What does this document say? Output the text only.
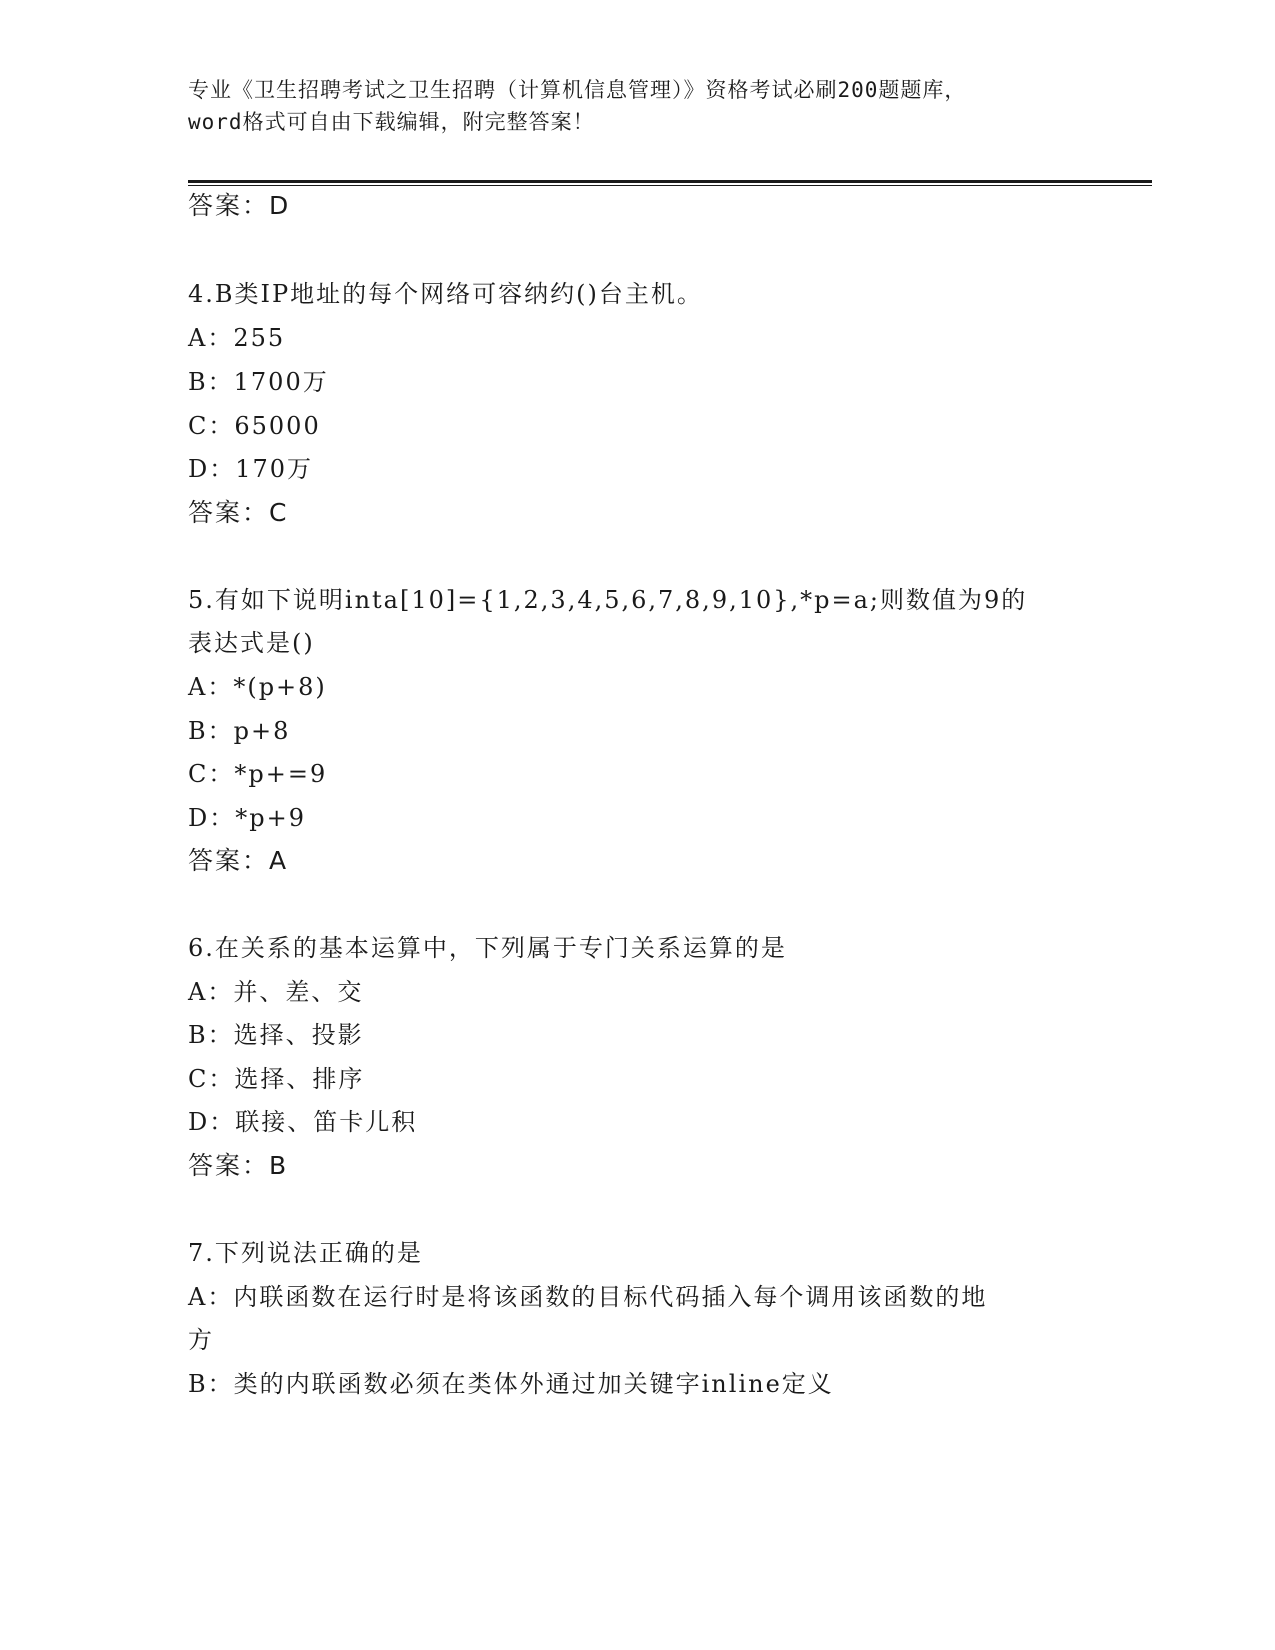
专业《卫生招聘考试之卫生招聘（计算机信息管理）》资格考试必刷200题题库，
word格式可自由下载编辑，附完整答案！
答案：D
4.B类IP地址的每个网络可容纳约()台主机。
A：255
B：1700万
C：65000
D：170万
答案：C
5.有如下说明inta[10]={1,2,3,4,5,6,7,8,9,10},*p=a;则数值为9的
表达式是()
A：*(p+8)
B：p+8
C：*p+=9
D：*p+9
答案：A
6.在关系的基本运算中，下列属于专门关系运算的是
A：并、差、交
B：选择、投影
C：选择、排序
D：联接、笛卡儿积
答案：B
7.下列说法正确的是
A：内联函数在运行时是将该函数的目标代码插入每个调用该函数的地
方
B：类的内联函数必须在类体外通过加关键字inline定义
